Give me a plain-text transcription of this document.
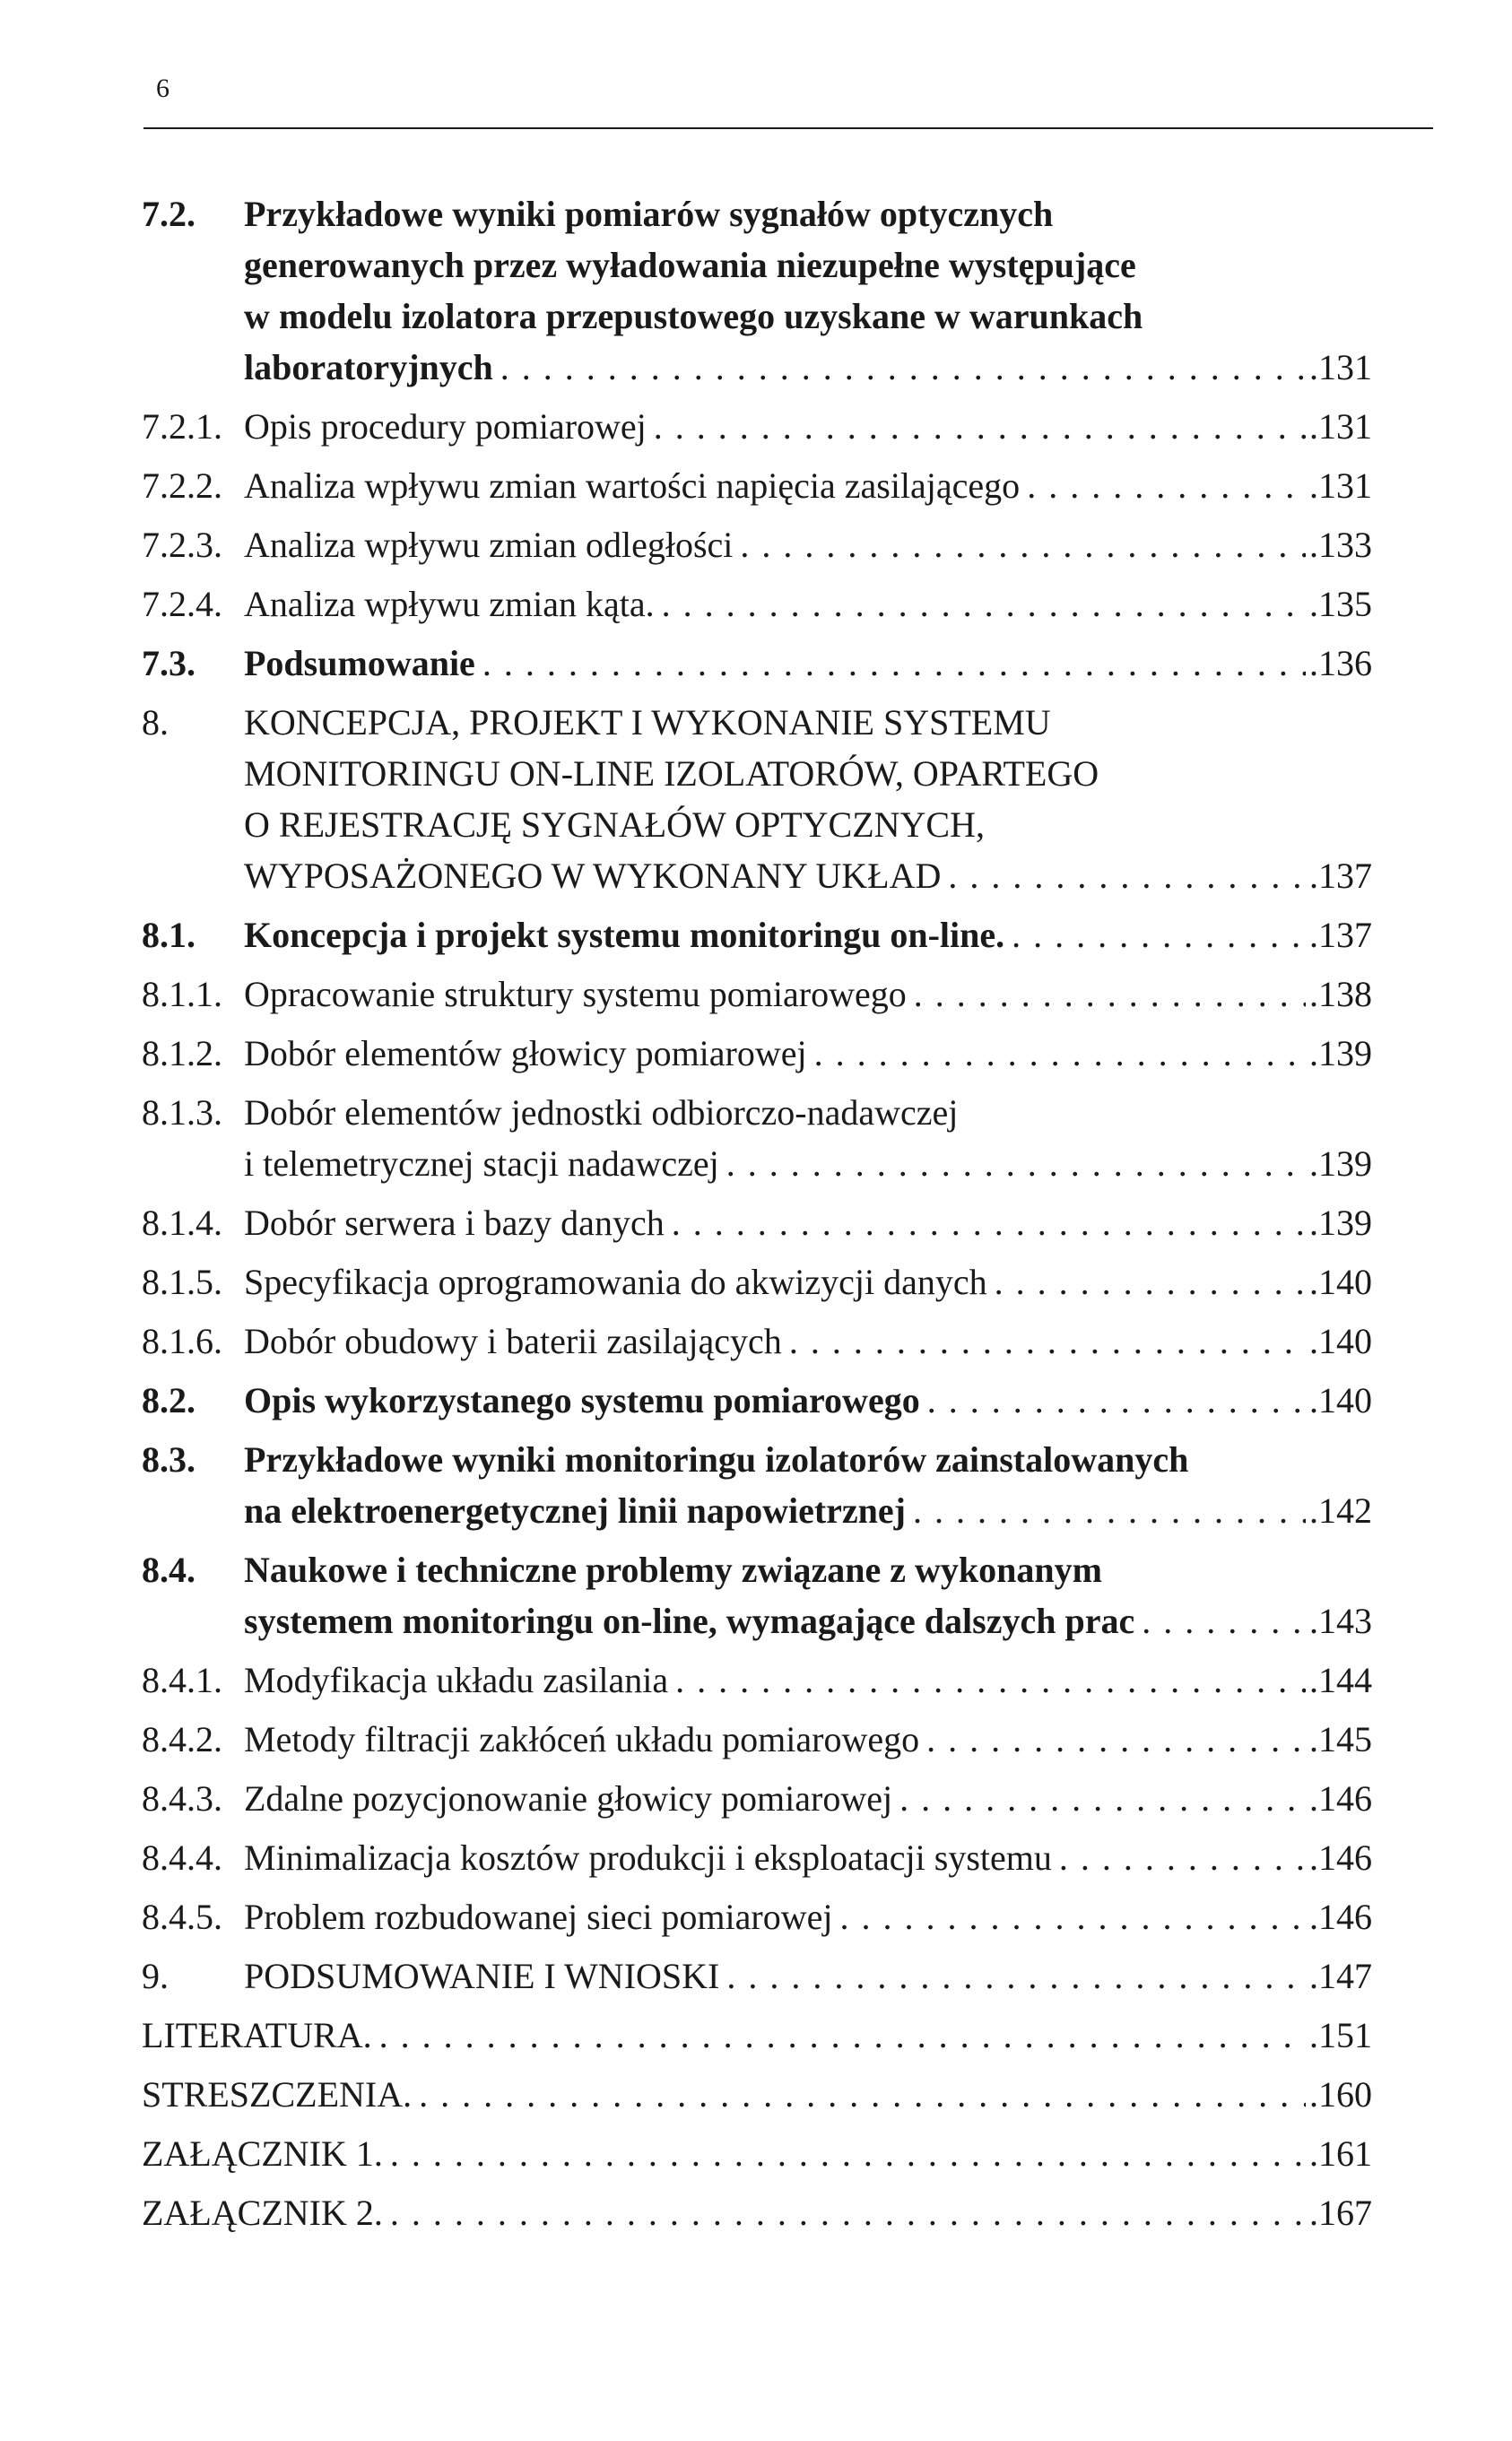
6
7.2. Przykładowe wyniki pomiarów sygnałów optycznych
generowanych przez wyładowania niezupełne występujące
w modelu izolatora przepustowego uzyskane w warunkach
laboratoryjnych .....	.131
7.2.1. Opis procedury pomiarowej .....	.131
7.2.2. Analiza wpływu zmian wartości napięcia zasilającego .....	.131
7.2.3. Analiza wpływu zmian odległości .....	.133
7.2.4. Analiza wpływu zmian kąta. .....	.135
7.3. Podsumowanie .....	.136
8. KONCEPCJA, PROJEKT I WYKONANIE SYSTEMU
MONITORINGU ON-LINE IZOLATORÓW, OPARTEGO
O REJESTRACJĘ SYGNAŁÓW OPTYCZNYCH,
WYPOSAŻONEGO W WYKONANY UKŁAD .....	.137
8.1. Koncepcja i projekt systemu monitoringu on-line. .....	.137
8.1.1. Opracowanie struktury systemu pomiarowego .....	.138
8.1.2. Dobór elementów głowicy pomiarowej .....	.139
8.1.3. Dobór elementów jednostki odbiorczo-nadawczej
i telemetrycznej stacji nadawczej .....	.139
8.1.4. Dobór serwera i bazy danych .....	.139
8.1.5. Specyfikacja oprogramowania do akwizycji danych .....	.140
8.1.6. Dobór obudowy i baterii zasilających .....	.140
8.2. Opis wykorzystanego systemu pomiarowego .....	.140
8.3. Przykładowe wyniki monitoringu izolatorów zainstalowanych
na elektroenergetycznej linii napowietrznej .....	.142
8.4. Naukowe i techniczne problemy związane z wykonanym
systemem monitoringu on-line, wymagające dalszych prac .....	.143
8.4.1. Modyfikacja układu zasilania .....	.144
8.4.2. Metody filtracji zakłóceń układu pomiarowego .....	.145
8.4.3. Zdalne pozycjonowanie głowicy pomiarowej .....	.146
8.4.4. Minimalizacja kosztów produkcji i eksploatacji systemu .....	.146
8.4.5. Problem rozbudowanej sieci pomiarowej .....	.146
9. PODSUMOWANIE I WNIOSKI .....	.147
LITERATURA. .....	.151
STRESZCZENIA. .....	.160
ZAŁĄCZNIK 1. .....	.161
ZAŁĄCZNIK 2. .....	.167
